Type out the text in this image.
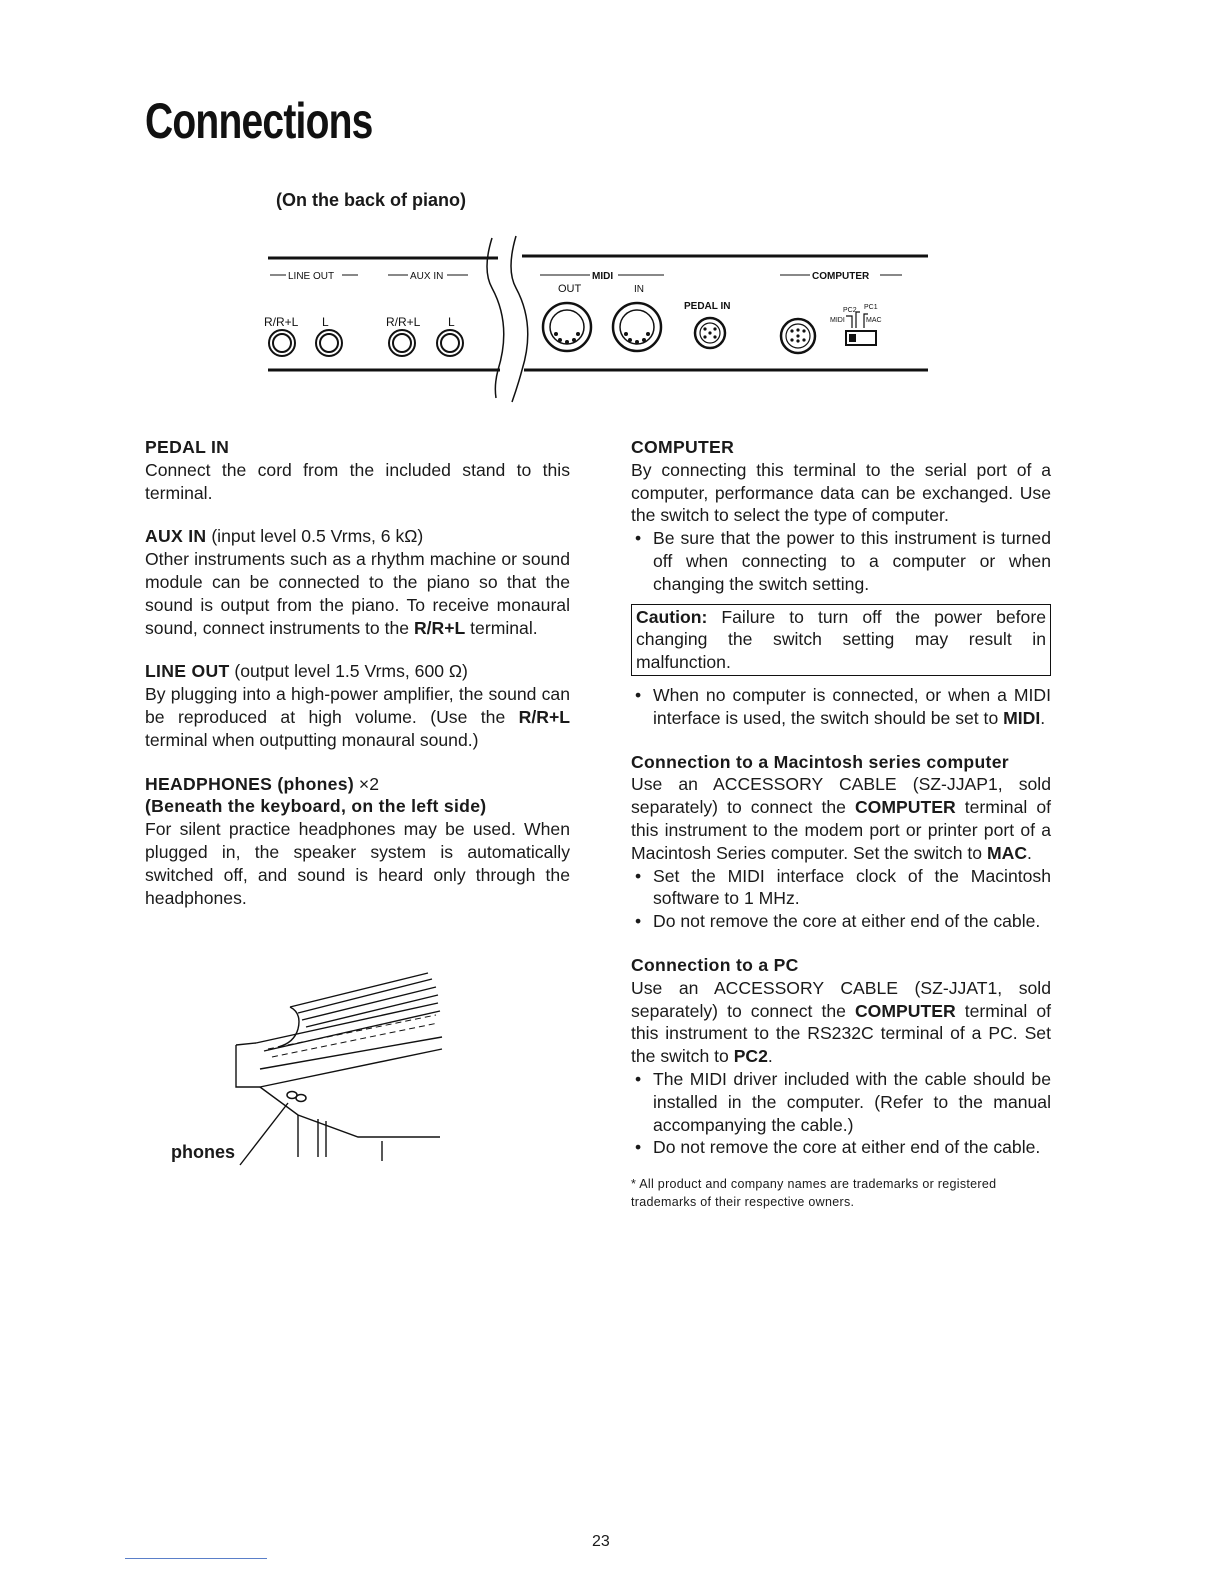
Connections
(On the back of piano)
LINE OUT	AUX IN	MIDI
OUT	IN
COMPUTER
R/R+L L	R/R+L L
PEDAL IN	PC2 PC1
MIDI	MAC

PEDAL IN

Connect the cord from the included stand to this terminal.

AUX IN (input level 0.5 Vrms, 6 kΩ)

Other instruments such as a rhythm machine or sound module can be connected to the piano so that the sound is output from the piano. To receive monaural sound, connect instruments to the R/R+L terminal.

LINE OUT (output level 1.5 Vrms, 600 Ω)

By plugging into a high-power amplifier, the sound can be reproduced at high volume. (Use the R/R+L terminal when outputting monaural sound.)

HEADPHONES (phones) ×2

(Beneath the keyboard, on the left side)

For silent practice headphones may be used. When plugged in, the speaker system is automatically switched off, and sound is heard only through the headphones.

phones

COMPUTER

By connecting this terminal to the serial port of a computer, performance data can be exchanged. Use the switch to select the type of computer.

• Be sure that the power to this instrument is turned off when connecting to a computer or when changing the switch setting.

Caution: Failure to turn off the power before changing the switch setting may result in malfunction.

• When no computer is connected, or when a MIDI interface is used, the switch should be set to MIDI.

Connection to a Macintosh series computer

Use an ACCESSORY CABLE (SZ-JJAP1, sold separately) to connect the COMPUTER terminal of this instrument to the modem port or printer port of a Macintosh Series computer. Set the switch to MAC.

• Set the MIDI interface clock of the Macintosh software to 1 MHz.

• Do not remove the core at either end of the cable.

Connection to a PC

Use an ACCESSORY CABLE (SZ-JJAT1, sold separately) to connect the COMPUTER terminal of this instrument to the RS232C terminal of a PC. Set the switch to PC2.

• The MIDI driver included with the cable should be installed in the computer. (Refer to the manual accompanying the cable.)

• Do not remove the core at either end of the cable.

* All product and company names are trademarks or registered trademarks of their respective owners.

23
